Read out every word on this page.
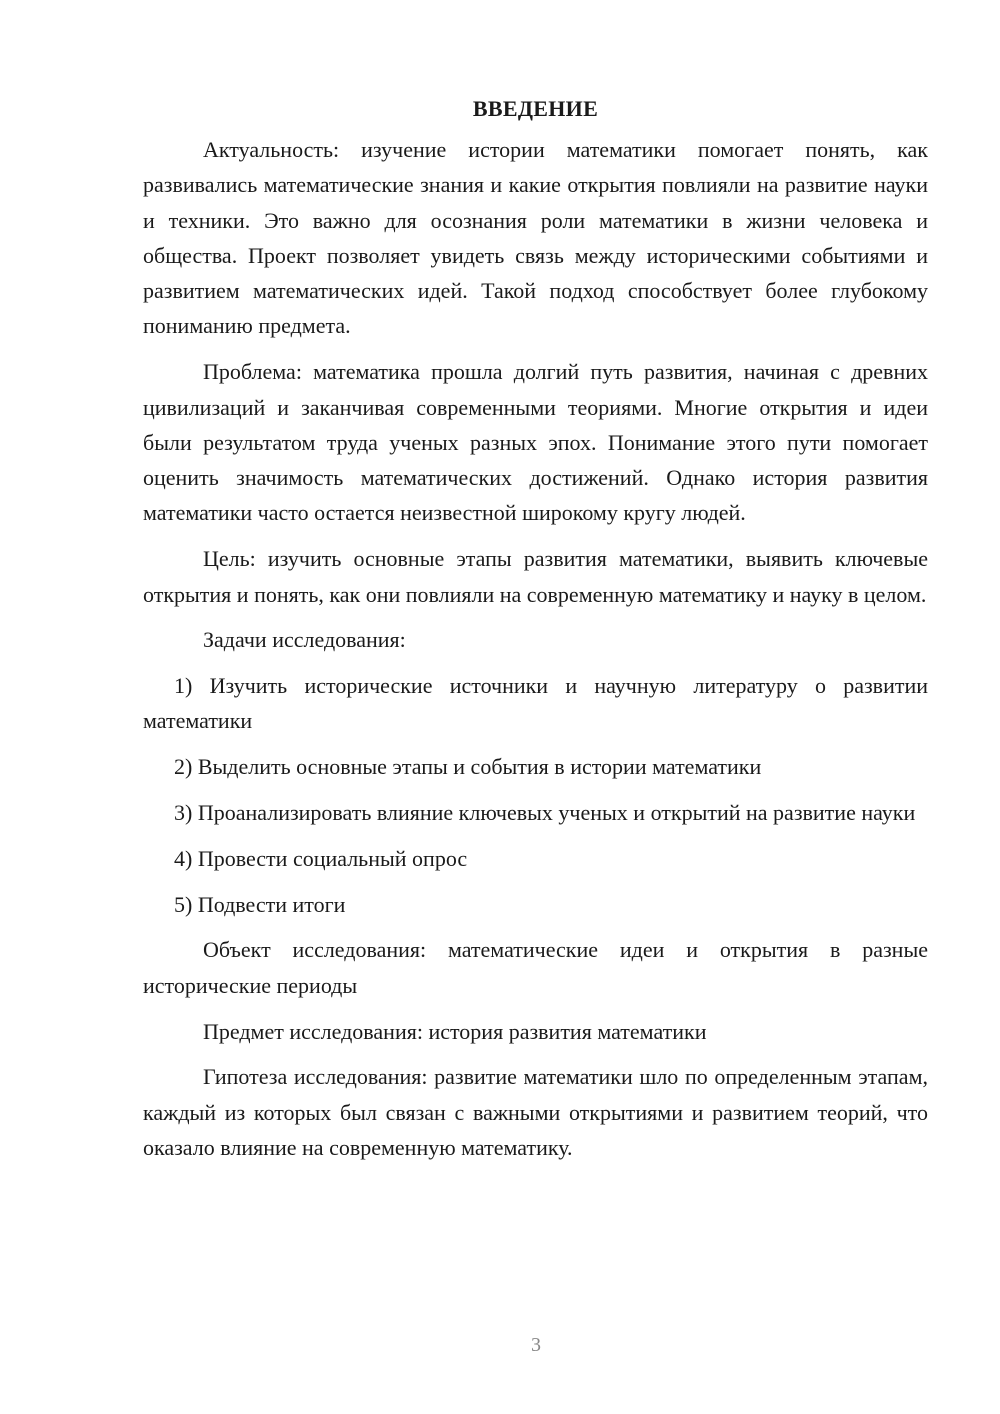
ВВЕДЕНИЕ

Актуальность: изучение истории математики помогает понять, как развивались математические знания и какие открытия повлияли на развитие науки и техники. Это важно для осознания роли математики в жизни человека и общества. Проект позволяет увидеть связь между историческими событиями и развитием математических идей. Такой подход способствует более глубокому пониманию предмета.

Проблема: математика прошла долгий путь развития, начиная с древних цивилизаций и заканчивая современными теориями. Многие открытия и идеи были результатом труда ученых разных эпох. Понимание этого пути помогает оценить значимость математических достижений. Однако история развития математики часто остается неизвестной широкому кругу людей.

Цель: изучить основные этапы развития математики, выявить ключевые открытия и понять, как они повлияли на современную математику и науку в целом.

Задачи исследования:

1) Изучить исторические источники и научную литературу о развитии математики

2) Выделить основные этапы и события в истории математики

3) Проанализировать влияние ключевых ученых и открытий на развитие науки

4) Провести социальный опрос

5) Подвести итоги

Объект исследования: математические идеи и открытия в разные исторические периоды

Предмет исследования: история развития математики

Гипотеза исследования: развитие математики шло по определенным этапам, каждый из которых был связан с важными открытиями и развитием теорий, что оказало влияние на современную математику.

3
